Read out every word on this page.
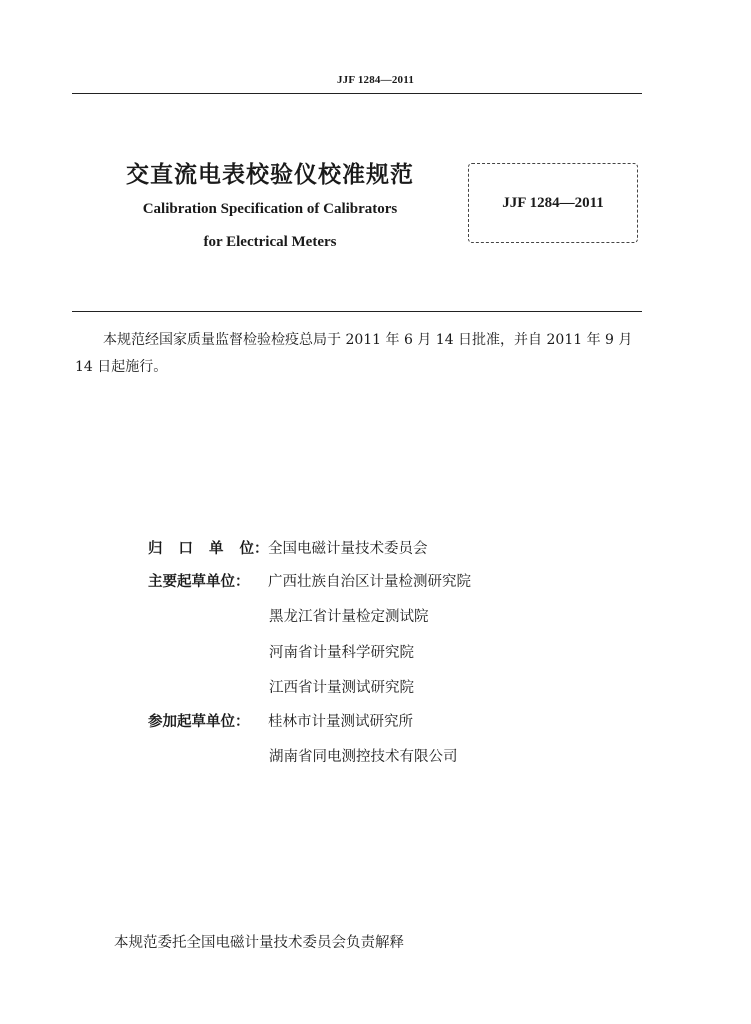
JJF 1284—2011
交直流电表校验仪校准规范
Calibration Specification of Calibrators
for Electrical Meters
JJF 1284—2011
本规范经国家质量监督检验检疫总局于 2011 年 6 月 14 日批准，并自 2011 年 9 月 14 日起施行。
归 口 单 位 ：全国电磁计量技术委员会
主要起草单位： 广西壮族自治区计量检测研究院
黑龙江省计量检定测试院
河南省计量科学研究院
江西省计量测试研究院
参加起草单位： 桂林市计量测试研究所
湖南省同电测控技术有限公司
本规范委托全国电磁计量技术委员会负责解释
